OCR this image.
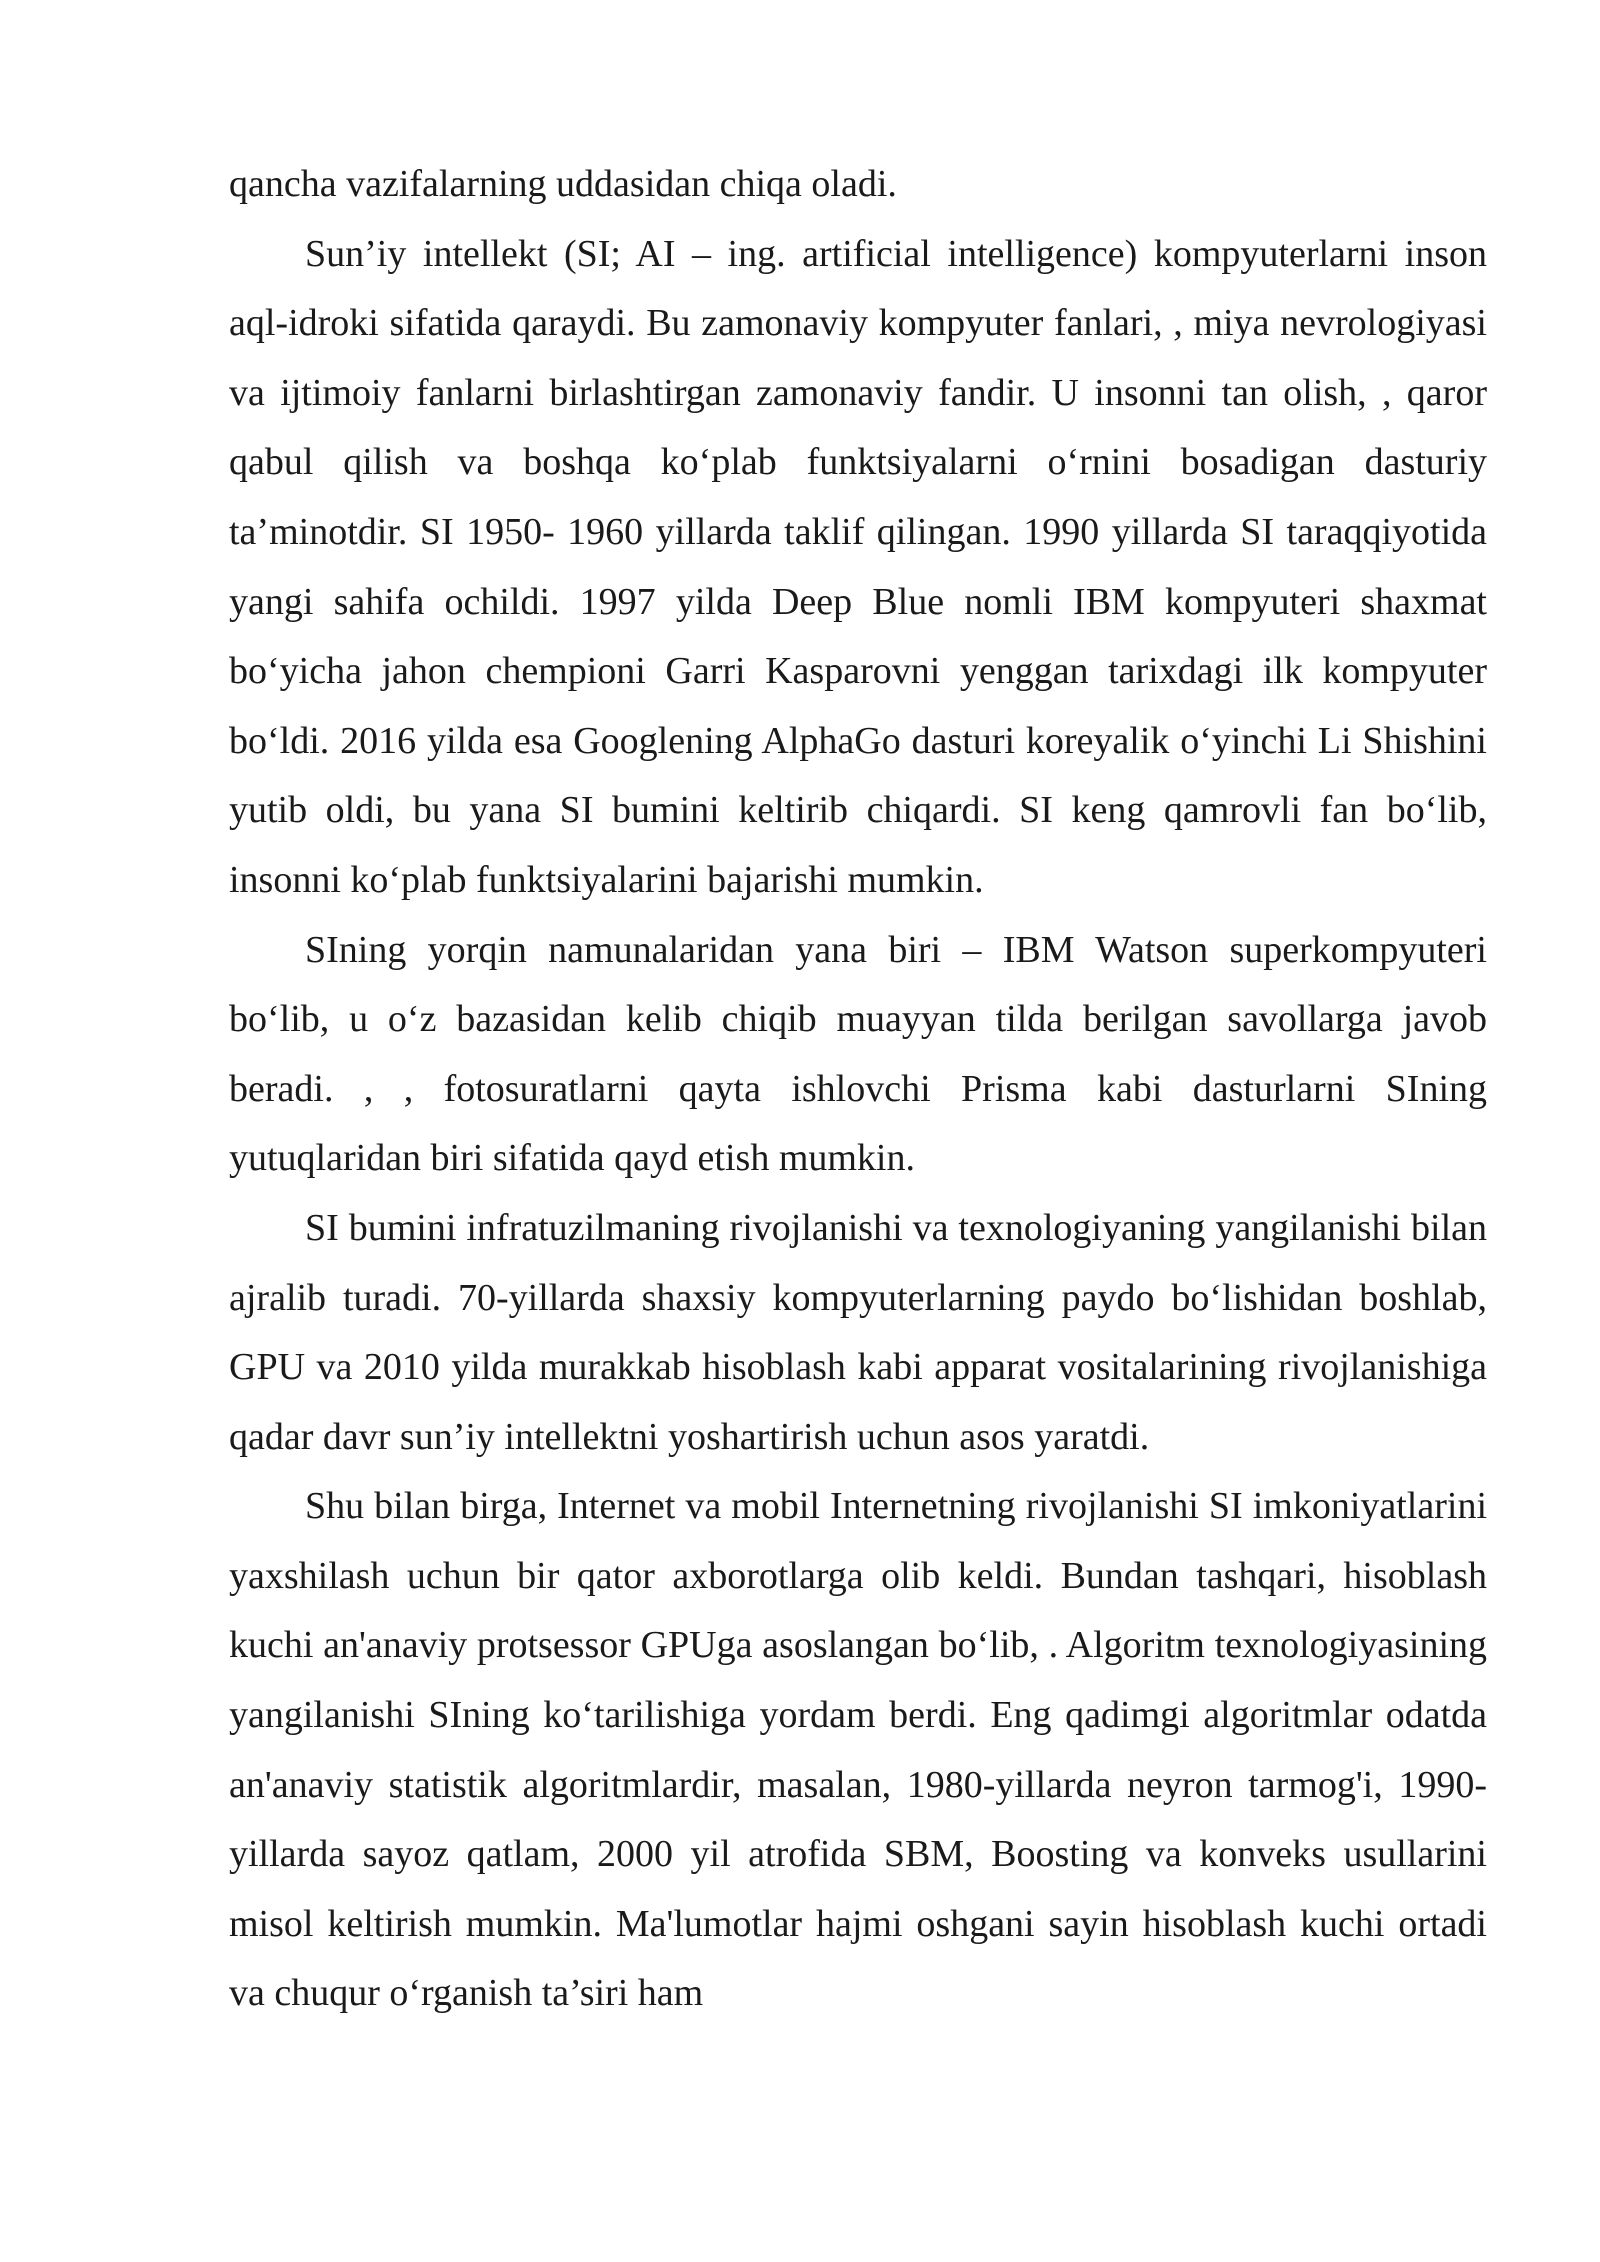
qancha vazifalarning uddasidan chiqa oladi.

Sun’iy intellekt (SI; AI – ing. artificial intelligence) kompyuterlarni inson aql-idroki sifatida qaraydi. Bu zamonaviy kompyuter fanlari, , miya nevrologiyasi va ijtimoiy fanlarni birlashtirgan zamonaviy fandir. U insonni tan olish, , qaror qabul qilish va boshqa ko‘plab funktsiyalarni o‘rnini bosadigan dasturiy ta’minotdir. SI 1950- 1960 yillarda taklif qilingan. 1990 yillarda SI taraqqiyotida yangi sahifa ochildi. 1997 yilda Deep Blue nomli IBM kompyuteri shaxmat bo‘yicha jahon chempioni Garri Kasparovni yenggan tarixdagi ilk kompyuter bo‘ldi. 2016 yilda esa Googlening AlphaGo dasturi koreyalik o‘yinchi Li Shishini yutib oldi, bu yana SI bumini keltirib chiqardi. SI keng qamrovli fan bo‘lib, insonni ko‘plab funktsiyalarini bajarishi mumkin.

SIning yorqin namunalaridan yana biri – IBM Watson superkompyuteri bo‘lib, u o‘z bazasidan kelib chiqib muayyan tilda berilgan savollarga javob beradi. , , fotosuratlarni qayta ishlovchi Prisma kabi dasturlarni SIning yutuqlaridan biri sifatida qayd etish mumkin.

SI bumini infratuzilmaning rivojlanishi va texnologiyaning yangilanishi bilan ajralib turadi. 70-yillarda shaxsiy kompyuterlarning paydo bo‘lishidan boshlab, GPU va 2010 yilda murakkab hisoblash kabi apparat vositalarining rivojlanishiga qadar davr sun’iy intellektni yoshartirish uchun asos yaratdi.

Shu bilan birga, Internet va mobil Internetning rivojlanishi SI imkoniyatlarini yaxshilash uchun bir qator axborotlarga olib keldi. Bundan tashqari, hisoblash kuchi an'anaviy protsessor GPUga asoslangan bo‘lib, . Algoritm texnologiyasining yangilanishi SIning ko‘tarilishiga yordam berdi. Eng qadimgi algoritmlar odatda an'anaviy statistik algoritmlardir, masalan, 1980-yillarda neyron tarmog'i, 1990- yillarda sayoz qatlam, 2000 yil atrofida SBM, Boosting va konveks usullarini misol keltirish mumkin. Ma'lumotlar hajmi oshgani sayin hisoblash kuchi ortadi va chuqur o‘rganish ta’siri ham
